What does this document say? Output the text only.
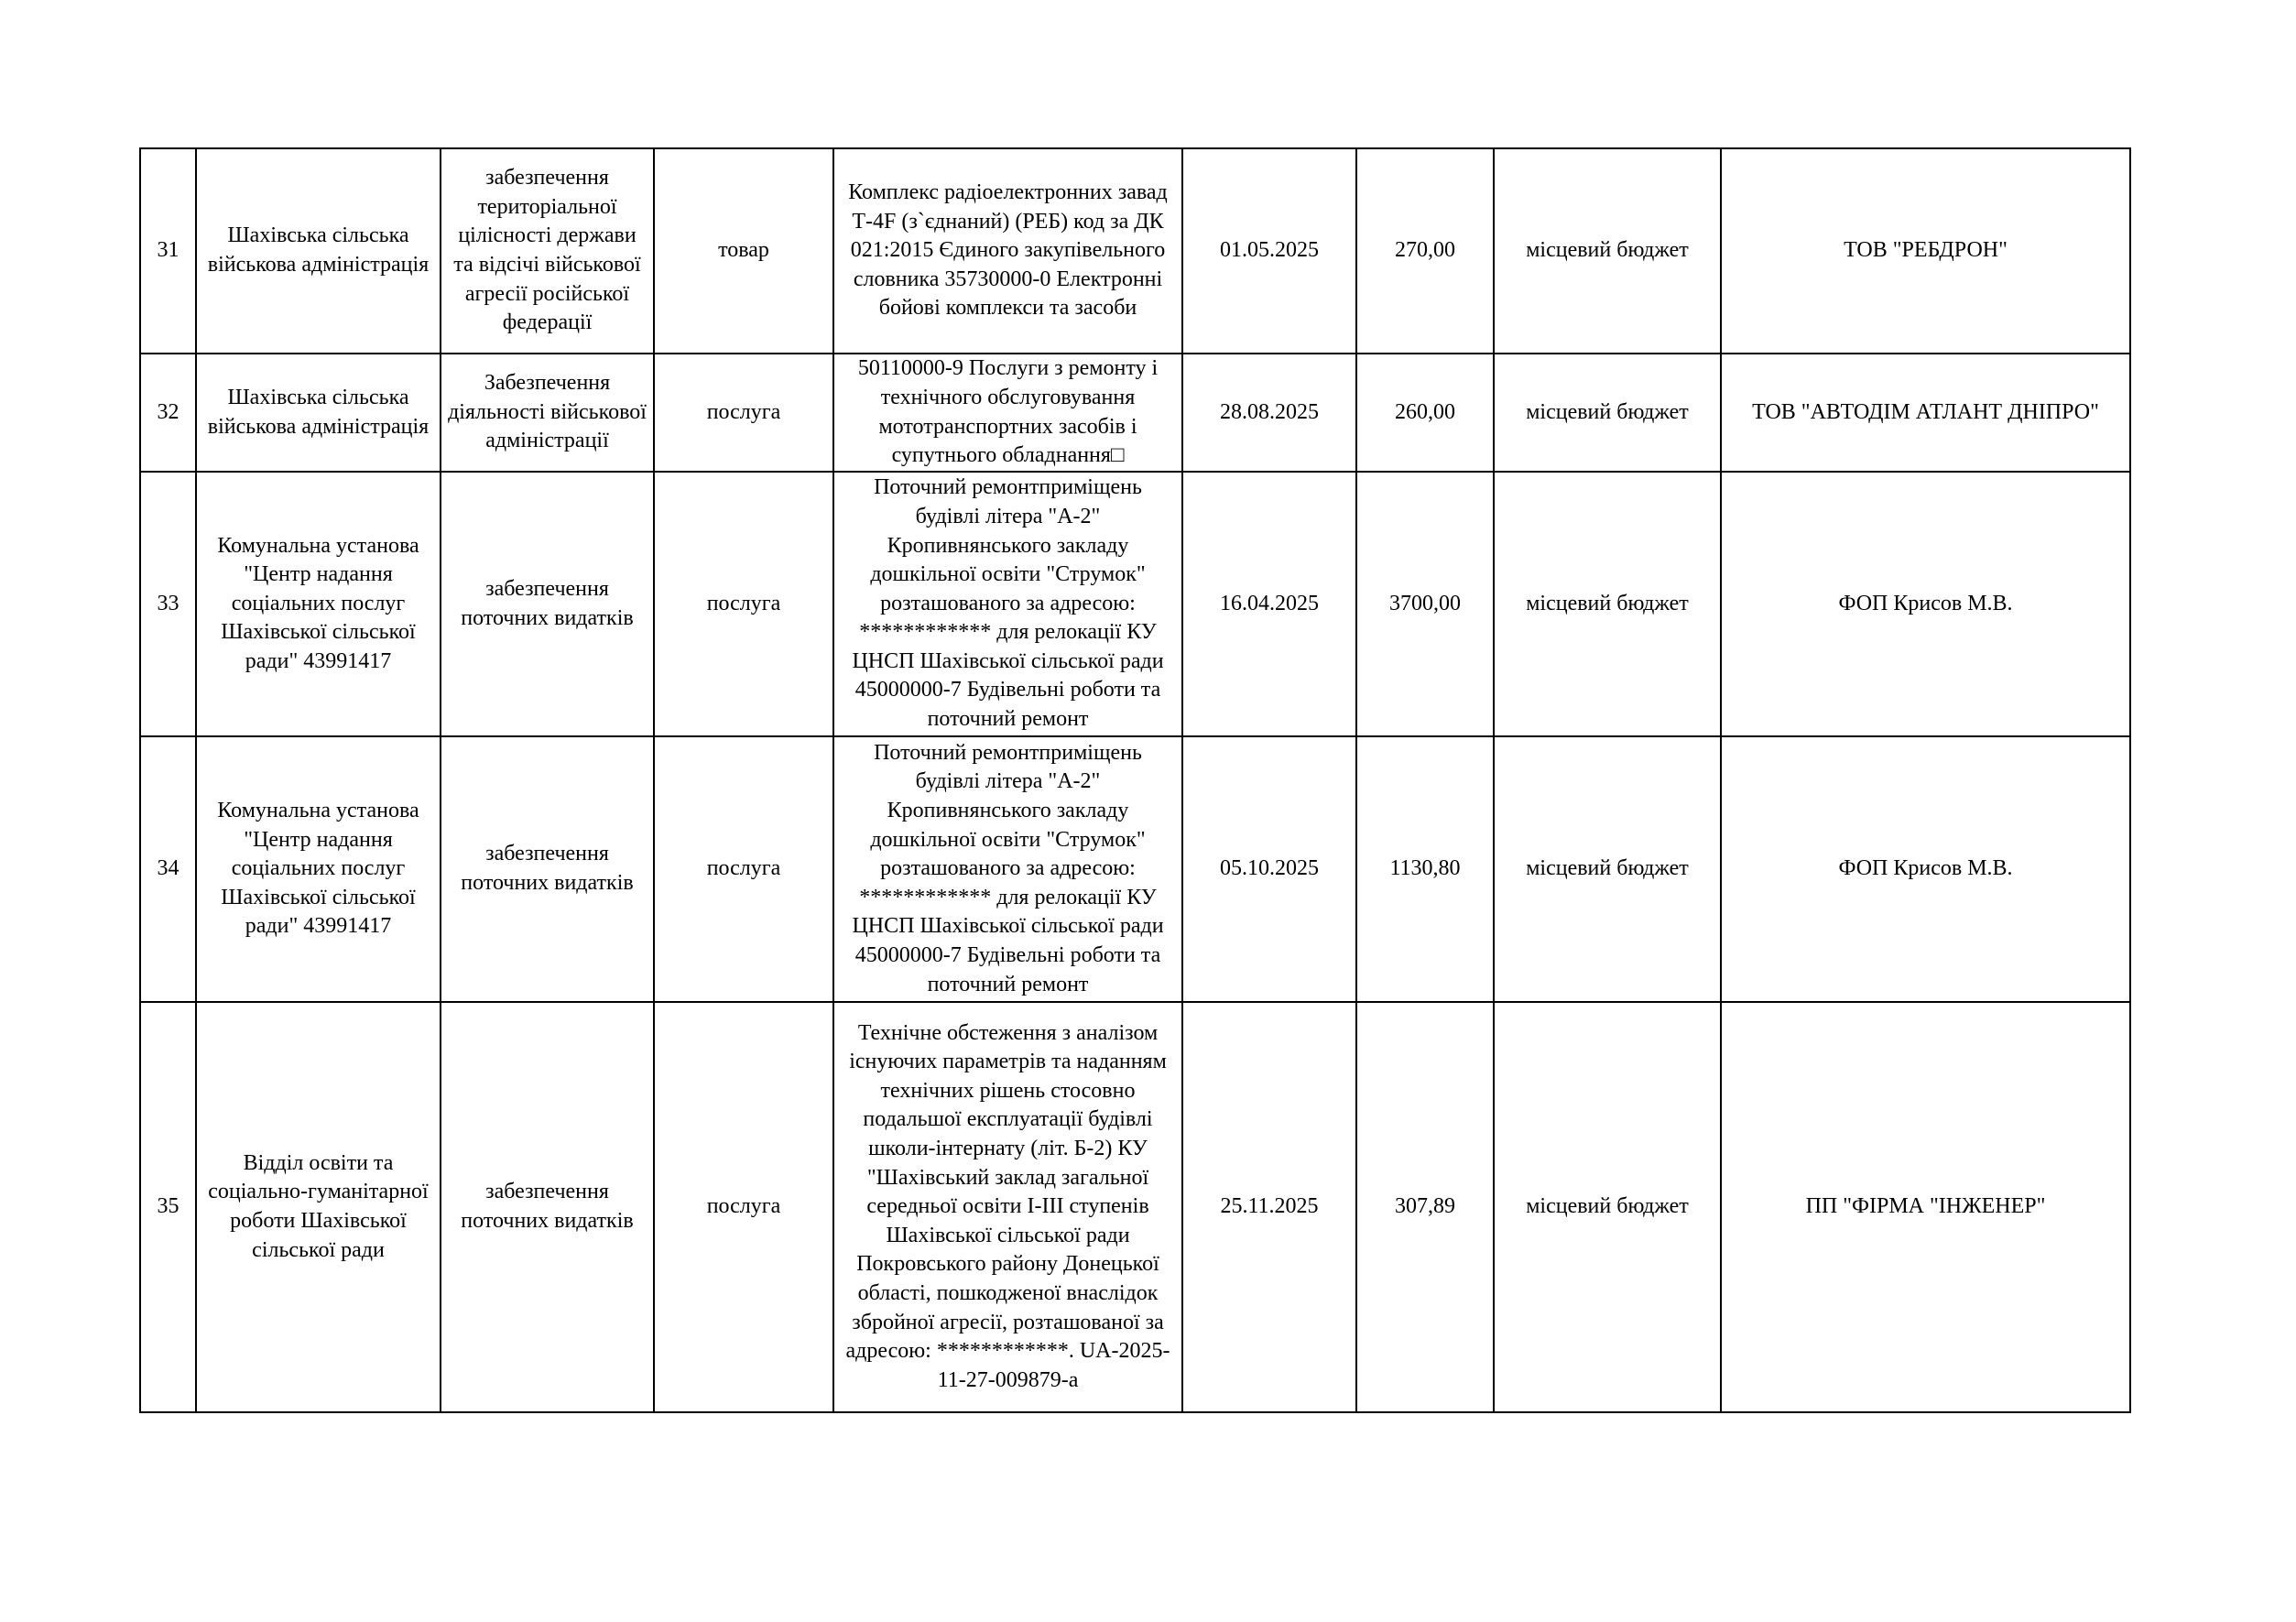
31	Шахівська сільська військова адміністрація	забезпечення територіальної цілісності держави та відсічі військової агресії російської федерації	товар	Комплекс радіоелектронних завад Т-4F (з`єднаний) (РЕБ) код за ДК 021:2015 Єдиного закупівельного словника 35730000-0 Електронні бойові комплекси та засоби	01.05.2025	270,00	місцевий бюджет	ТОВ "РЕБДРОН"
32	Шахівська сільська військова адміністрація	Забезпечення діяльності військової адміністрації	послуга	50110000-9 Послуги з ремонту і технічного обслуговування мототранспортних засобів і супутнього обладнання□	28.08.2025	260,00	місцевий бюджет	ТОВ "АВТОДІМ АТЛАНТ ДНІПРО"
33	Комунальна установа "Центр надання соціальних послуг Шахівської сільської ради" 43991417	забезпечення поточних видатків	послуга	Поточний ремонтприміщень будівлі літера "А-2" Кропивнянського закладу дошкільної освіти "Струмок" розташованого за адресою: ************ для релокації КУ ЦНСП Шахівської сільської ради 45000000-7 Будівельні роботи та поточний ремонт	16.04.2025	3700,00	місцевий бюджет	ФОП Крисов М.В.
34	Комунальна установа "Центр надання соціальних послуг Шахівської сільської ради" 43991417	забезпечення поточних видатків	послуга	Поточний ремонтприміщень будівлі літера "А-2" Кропивнянського закладу дошкільної освіти "Струмок" розташованого за адресою: ************ для релокації КУ ЦНСП Шахівської сільської ради 45000000-7 Будівельні роботи та поточний ремонт	05.10.2025	1130,80	місцевий бюджет	ФОП Крисов М.В.
35	Відділ освіти та соціально-гуманітарної роботи Шахівської сільської ради	забезпечення поточних видатків	послуга	Технічне обстеження з аналізом існуючих параметрів та наданням технічних рішень стосовно подальшої експлуатації будівлі школи-інтернату (літ. Б-2) КУ "Шахівський заклад загальної середньої освіти І-ІІІ ступенів Шахівської сільської ради Покровського району Донецької області, пошкодженої внаслідок збройної агресії, розташованої за адресою: ************. UA-2025-11-27-009879-a	25.11.2025	307,89	місцевий бюджет	ПП "ФІРМА "ІНЖЕНЕР"
